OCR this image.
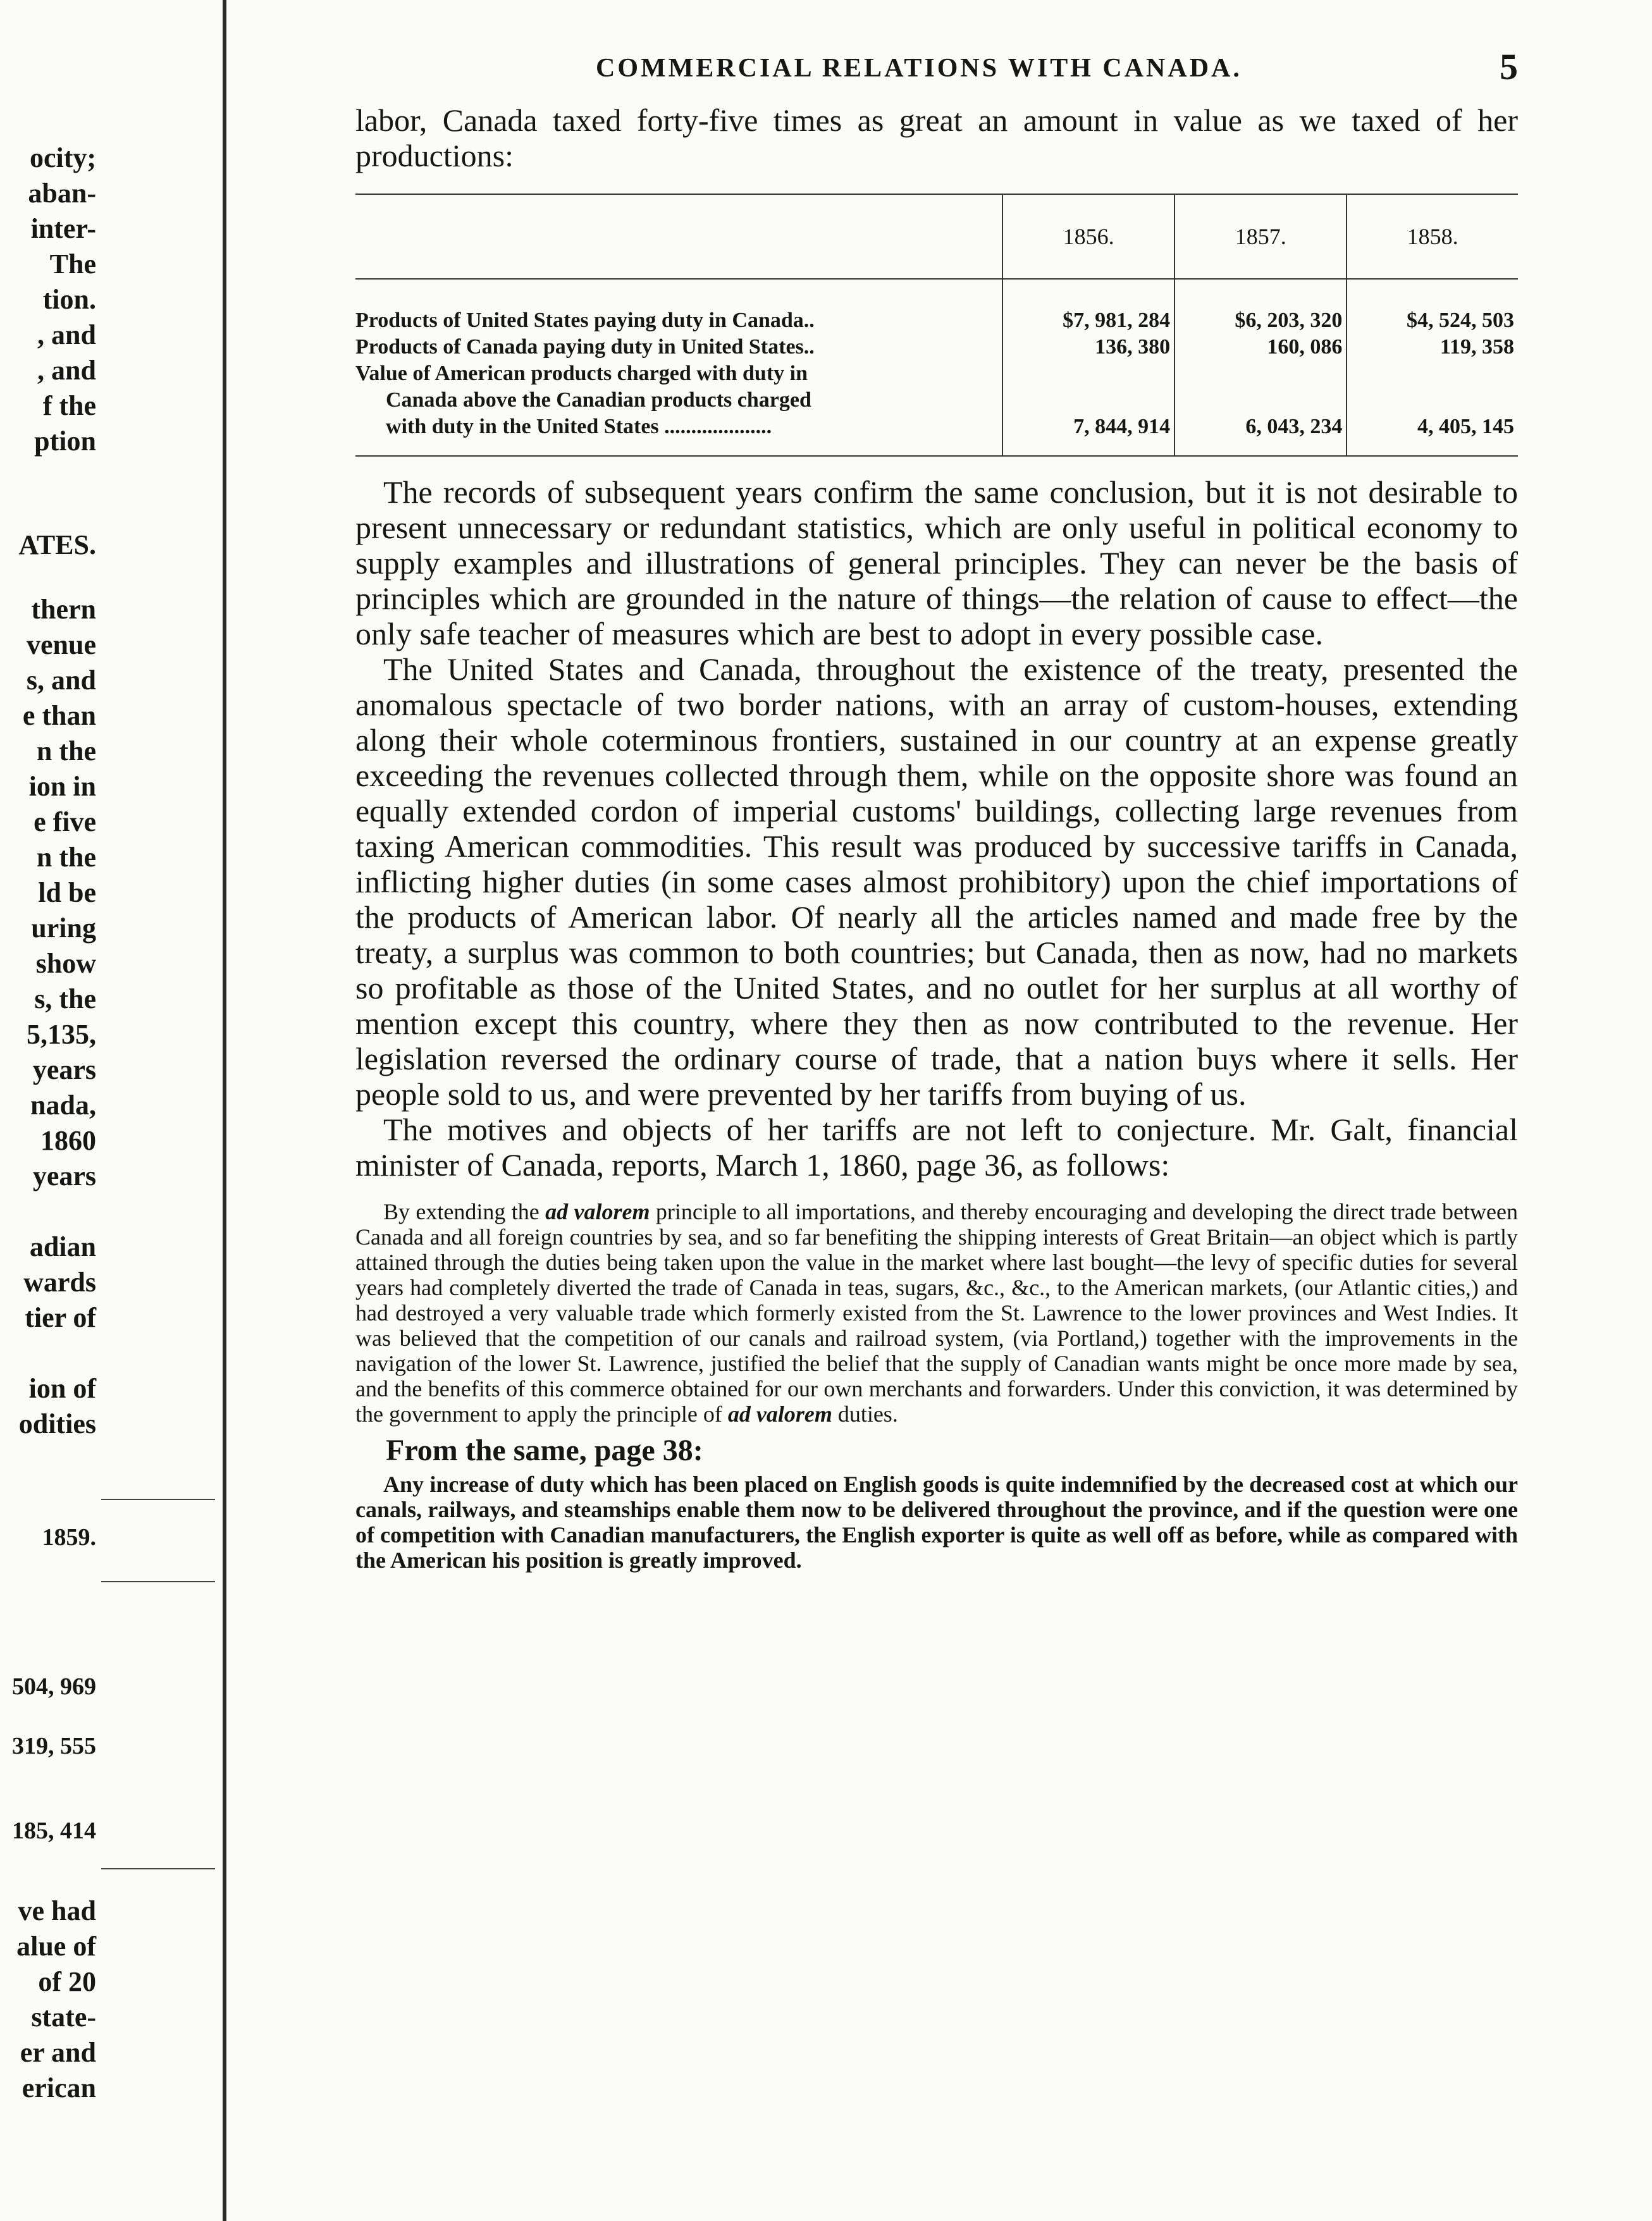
ocity;
aban-
inter-
The
tion.
, and
, and
f the
ption
ATES.
thern
venue
s, and
e than
n the
ion in
e five
n the
ld be
uring
show
s, the
5,135,
years
nada,
1860
years
adian
wards
tier of
ion of
odities
1859.
504, 969
319, 555
185, 414
ve had
alue of
of 20
state-
er and
erican
COMMERCIAL RELATIONS WITH CANADA.	5

labor, Canada taxed forty-five times as great an amount in value as we taxed of her productions:

	1856.	1857.	1858.
Products of United States paying duty in Canada..	$7, 981, 284	$6, 203, 320	$4, 524, 503
Products of Canada paying duty in United States..	136, 380	160, 086	119, 358
Value of American products charged with duty in			
Canada above the Canadian products charged			
with duty in the United States ....................	7, 844, 914	6, 043, 234	4, 405, 145

The records of subsequent years confirm the same conclusion, but it is not desirable to present unnecessary or redundant statistics, which are only useful in political economy to supply examples and illustrations of general principles. They can never be the basis of principles which are grounded in the nature of things—the relation of cause to effect—the only safe teacher of measures which are best to adopt in every possible case.

The United States and Canada, throughout the existence of the treaty, presented the anomalous spectacle of two border nations, with an array of custom-houses, extending along their whole coterminous frontiers, sustained in our country at an expense greatly exceeding the revenues collected through them, while on the opposite shore was found an equally extended cordon of imperial customs' buildings, collecting large revenues from taxing American commodities. This result was produced by successive tariffs in Canada, inflicting higher duties (in some cases almost prohibitory) upon the chief importations of the products of American labor. Of nearly all the articles named and made free by the treaty, a surplus was common to both countries; but Canada, then as now, had no markets so profitable as those of the United States, and no outlet for her surplus at all worthy of mention except this country, where they then as now contributed to the revenue. Her legislation reversed the ordinary course of trade, that a nation buys where it sells. Her people sold to us, and were prevented by her tariffs from buying of us.

The motives and objects of her tariffs are not left to conjecture. Mr. Galt, financial minister of Canada, reports, March 1, 1860, page 36, as follows:

By extending the ad valorem principle to all importations, and thereby encouraging and developing the direct trade between Canada and all foreign countries by sea, and so far benefiting the shipping interests of Great Britain—an object which is partly attained through the duties being taken upon the value in the market where last bought—the levy of specific duties for several years had completely diverted the trade of Canada in teas, sugars, &c., &c., to the American markets, (our Atlantic cities,) and had destroyed a very valuable trade which formerly existed from the St. Lawrence to the lower provinces and West Indies. It was believed that the competition of our canals and railroad system, (via Portland,) together with the improvements in the navigation of the lower St. Lawrence, justified the belief that the supply of Canadian wants might be once more made by sea, and the benefits of this commerce obtained for our own merchants and forwarders. Under this conviction, it was determined by the government to apply the principle of ad valorem duties.

From the same, page 38:

Any increase of duty which has been placed on English goods is quite indemnified by the decreased cost at which our canals, railways, and steamships enable them now to be delivered throughout the province, and if the question were one of competition with Canadian manufacturers, the English exporter is quite as well off as before, while as compared with the American his position is greatly improved.
